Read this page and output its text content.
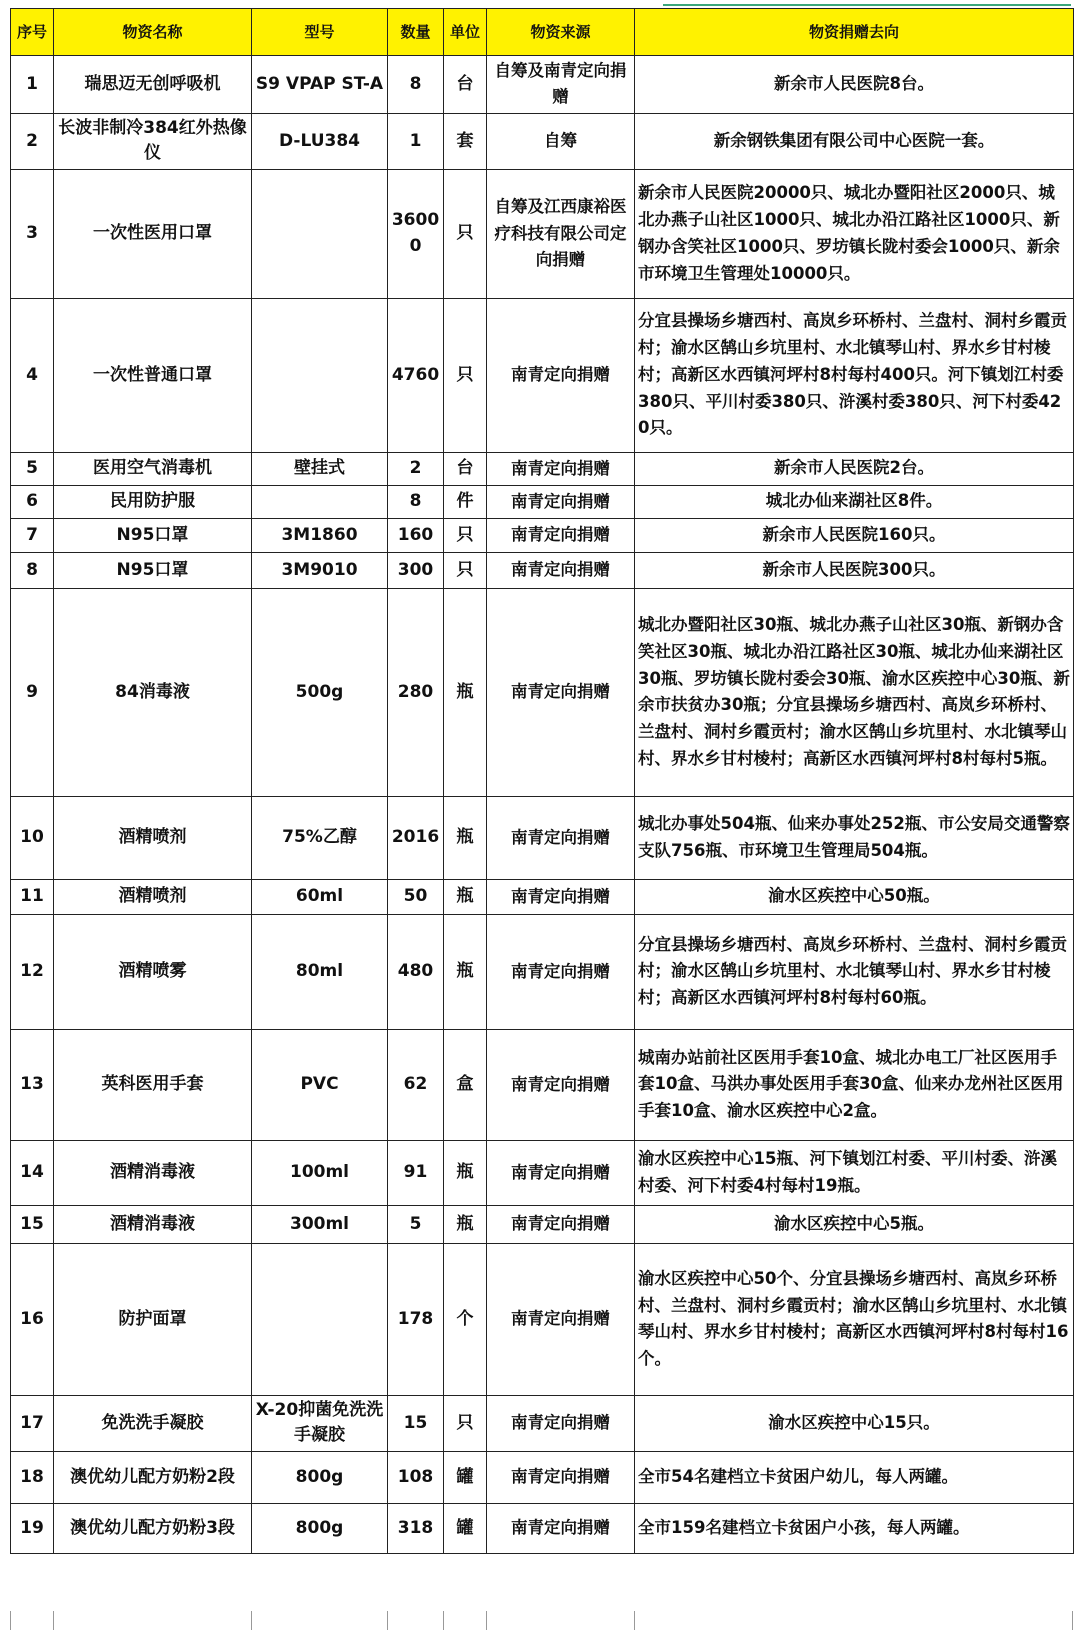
序号	物资名称	型号	数量	单位	物资来源	物资捐赠去向
1	瑞思迈无创呼吸机	S9 VPAP ST-A	8	台	自筹及南青定向捐赠	新余市人民医院8台。
2	长波非制冷384红外热像仪	D-LU384	1	套	自筹	新余钢铁集团有限公司中心医院一套。
3	一次性医用口罩		36000	只	自筹及江西康裕医疗科技有限公司定向捐赠	新余市人民医院20000只、城北办暨阳社区2000只、城北办燕子山社区1000只、城北办沿江路社区1000只、新钢办含笑社区1000只、罗坊镇长陇村委会1000只、新余市环境卫生管理处10000只。
4	一次性普通口罩		4760	只	南青定向捐赠	分宜县操场乡塘西村、高岚乡环桥村、兰盘村、洞村乡霞贡村；渝水区鹄山乡坑里村、水北镇琴山村、界水乡甘村棱村；高新区水西镇河坪村8村每村400只。河下镇划江村委380只、平川村委380只、浒溪村委380只、河下村委420只。
5	医用空气消毒机	壁挂式	2	台	南青定向捐赠	新余市人民医院2台。
6	民用防护服		8	件	南青定向捐赠	城北办仙来湖社区8件。
7	N95口罩	3M1860	160	只	南青定向捐赠	新余市人民医院160只。
8	N95口罩	3M9010	300	只	南青定向捐赠	新余市人民医院300只。
9	84消毒液	500g	280	瓶	南青定向捐赠	城北办暨阳社区30瓶、城北办燕子山社区30瓶、新钢办含笑社区30瓶、城北办沿江路社区30瓶、城北办仙来湖社区30瓶、罗坊镇长陇村委会30瓶、渝水区疾控中心30瓶、新余市扶贫办30瓶；分宜县操场乡塘西村、高岚乡环桥村、兰盘村、洞村乡霞贡村；渝水区鹄山乡坑里村、水北镇琴山村、界水乡甘村棱村；高新区水西镇河坪村8村每村5瓶。
10	酒精喷剂	75%乙醇	2016	瓶	南青定向捐赠	城北办事处504瓶、仙来办事处252瓶、市公安局交通警察支队756瓶、市环境卫生管理局504瓶。
11	酒精喷剂	60ml	50	瓶	南青定向捐赠	渝水区疾控中心50瓶。
12	酒精喷雾	80ml	480	瓶	南青定向捐赠	分宜县操场乡塘西村、高岚乡环桥村、兰盘村、洞村乡霞贡村；渝水区鹄山乡坑里村、水北镇琴山村、界水乡甘村棱村；高新区水西镇河坪村8村每村60瓶。
13	英科医用手套	PVC	62	盒	南青定向捐赠	城南办站前社区医用手套10盒、城北办电工厂社区医用手套10盒、马洪办事处医用手套30盒、仙来办龙州社区医用手套10盒、渝水区疾控中心2盒。
14	酒精消毒液	100ml	91	瓶	南青定向捐赠	渝水区疾控中心15瓶、河下镇划江村委、平川村委、浒溪村委、河下村委4村每村19瓶。
15	酒精消毒液	300ml	5	瓶	南青定向捐赠	渝水区疾控中心5瓶。
16	防护面罩		178	个	南青定向捐赠	渝水区疾控中心50个、分宜县操场乡塘西村、高岚乡环桥村、兰盘村、洞村乡霞贡村；渝水区鹄山乡坑里村、水北镇琴山村、界水乡甘村棱村；高新区水西镇河坪村8村每村16个。
17	免洗洗手凝胶	X-20抑菌免洗洗手凝胶	15	只	南青定向捐赠	渝水区疾控中心15只。
18	澳优幼儿配方奶粉2段	800g	108	罐	南青定向捐赠	全市54名建档立卡贫困户幼儿，每人两罐。
19	澳优幼儿配方奶粉3段	800g	318	罐	南青定向捐赠	全市159名建档立卡贫困户小孩，每人两罐。
